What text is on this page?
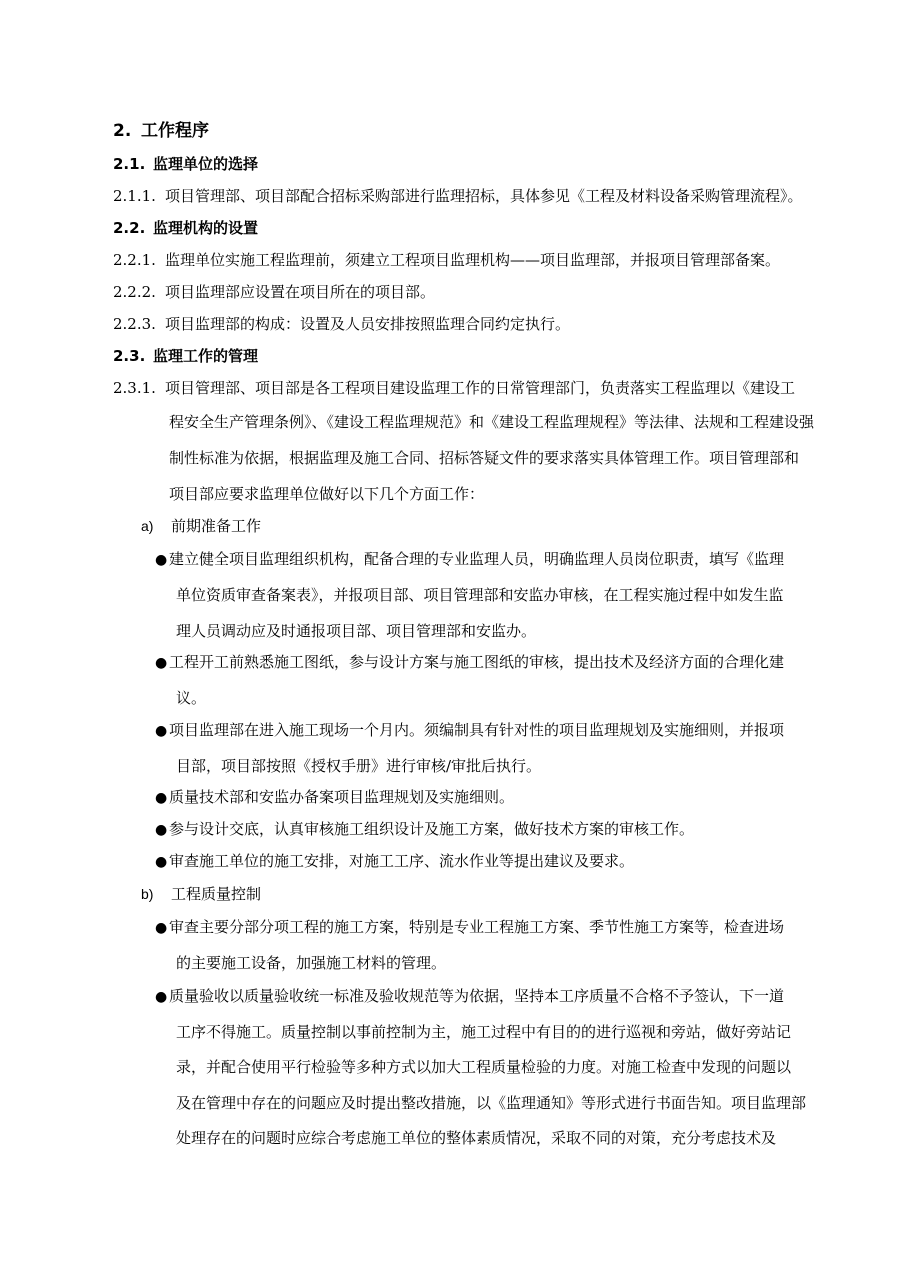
2. 工作程序
2.1. 监理单位的选择
2.1.1. 项目管理部、项目部配合招标采购部进行监理招标，具体参见《工程及材料设备采购管理流程》。
2.2. 监理机构的设置
2.2.1. 监理单位实施工程监理前，须建立工程项目监理机构——项目监理部，并报项目管理部备案。
2.2.2. 项目监理部应设置在项目所在的项目部。
2.2.3. 项目监理部的构成：设置及人员安排按照监理合同约定执行。
2.3. 监理工作的管理
2.3.1. 项目管理部、项目部是各工程项目建设监理工作的日常管理部门，负责落实工程监理以《建设工
程安全生产管理条例》、《建设工程监理规范》和《建设工程监理规程》等法律、法规和工程建设强
制性标准为依据，根据监理及施工合同、招标答疑文件的要求落实具体管理工作。项目管理部和
项目部应要求监理单位做好以下几个方面工作：
a) 前期准备工作
● 建立健全项目监理组织机构，配备合理的专业监理人员，明确监理人员岗位职责，填写《监理
单位资质审查备案表》，并报项目部、项目管理部和安监办审核，在工程实施过程中如发生监
理人员调动应及时通报项目部、项目管理部和安监办。
● 工程开工前熟悉施工图纸，参与设计方案与施工图纸的审核，提出技术及经济方面的合理化建
议。
● 项目监理部在进入施工现场一个月内。须编制具有针对性的项目监理规划及实施细则，并报项
目部，项目部按照《授权手册》进行审核/审批后执行。
● 质量技术部和安监办备案项目监理规划及实施细则。
● 参与设计交底，认真审核施工组织设计及施工方案，做好技术方案的审核工作。
● 审查施工单位的施工安排，对施工工序、流水作业等提出建议及要求。
b) 工程质量控制
● 审查主要分部分项工程的施工方案，特别是专业工程施工方案、季节性施工方案等，检查进场
的主要施工设备，加强施工材料的管理。
● 质量验收以质量验收统一标准及验收规范等为依据，坚持本工序质量不合格不予签认，下一道
工序不得施工。质量控制以事前控制为主，施工过程中有目的的进行巡视和旁站，做好旁站记
录，并配合使用平行检验等多种方式以加大工程质量检验的力度。对施工检查中发现的问题以
及在管理中存在的问题应及时提出整改措施，以《监理通知》等形式进行书面告知。项目监理部
处理存在的问题时应综合考虑施工单位的整体素质情况，采取不同的对策，充分考虑技术及
